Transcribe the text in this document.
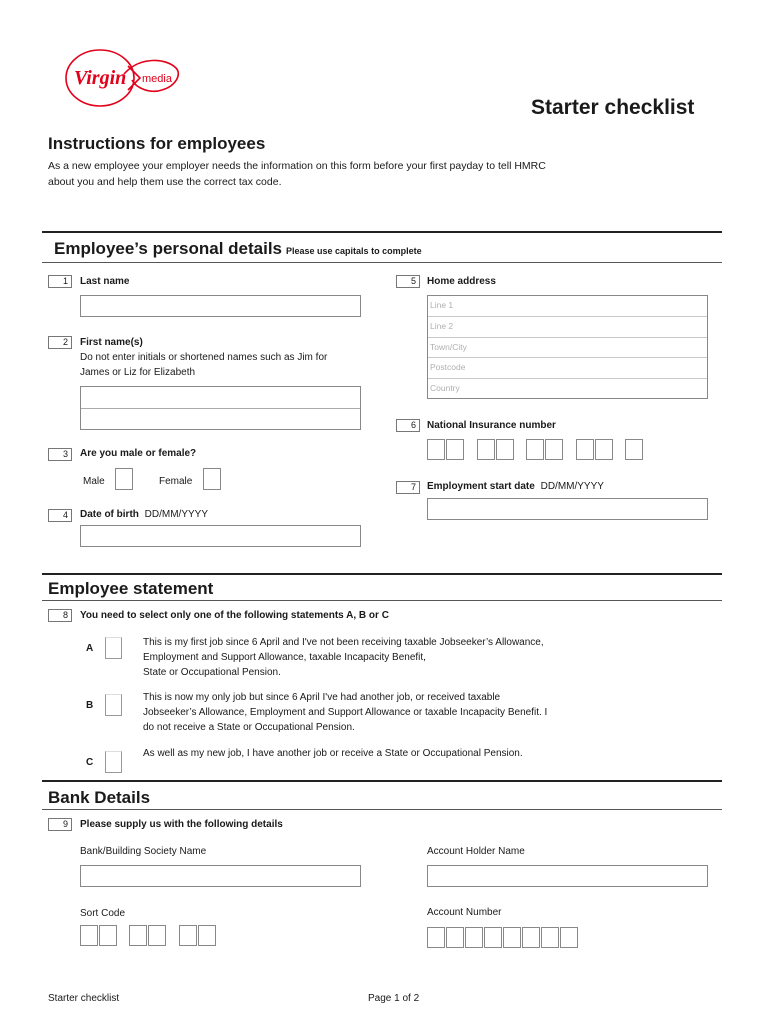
Virgin media
Starter checklist
Instructions for employees
As a new employee your employer needs the information on this form before your first payday to tell HMRC
about you and help them use the correct tax code.
Employee’s personal details Please use capitals to complete
1	Last name
2	First name(s)
Do not enter initials or shortened names such as Jim for
James or Liz for Elizabeth
3	Are you male or female?
Male	Female
4	Date of birth DD/MM/YYYY
5	Home address
Line 1
Line 2
Town/City
Postcode
Country
6	National Insurance number
7	Employment start date DD/MM/YYYY
Employee statement
8	You need to select only one of the following statements A, B or C
A
This is my first job since 6 April and I've not been receiving taxable Jobseeker’s Allowance,
Employment and Support Allowance, taxable Incapacity Benefit,
State or Occupational Pension.
B
This is now my only job but since 6 April I've had another job, or received taxable
Jobseeker’s Allowance, Employment and Support Allowance or taxable Incapacity Benefit. I
do not receive a State or Occupational Pension.
C
As well as my new job, I have another job or receive a State or Occupational Pension.
Bank Details
9	Please supply us with the following details
Bank/Building Society Name	Account Holder Name
Sort Code	Account Number
Starter checklist	Page 1 of 2
